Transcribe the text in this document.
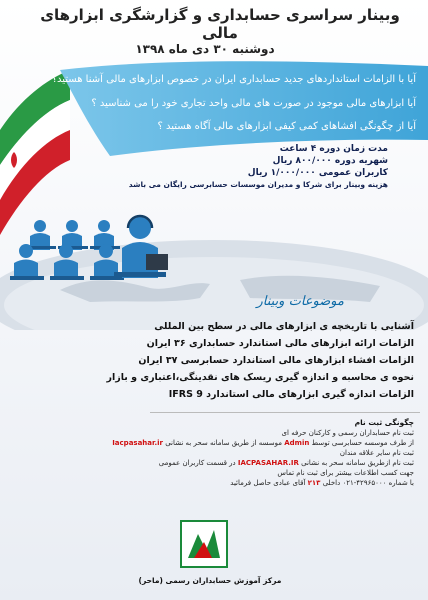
وبینار سراسری حسابداری و گزارشگری ابزارهای مالی
دوشنبه ۳۰ دی ماه ۱۳۹۸
آیا با الزامات استانداردهای جدید حسابداری ایران در خصوص ابزارهای مالی آشنا هستید؟
آیا ابزارهای مالی موجود در صورت های مالی واحد تجاری خود را می شناسید ؟
آیا از چگونگی افشاهای کمی کیفی ابزارهای مالی آگاه هستید ؟
مدت زمان دوره ۴ ساعت
شهریه دوره ۸۰۰/۰۰۰ ریال
کاربران عمومی ۱/۰۰۰/۰۰۰ ریال
هزینه وبینار برای شرکا و مدیران موسسات حسابرسی رایگان می باشد
موضوعات وبینار
آشنایی با تاریخچه ی ابزارهای مالی در سطح بین المللی
الزامات ارائه ابزارهای مالی استاندارد حسابداری ۳۶ ایران
الزامات افشاء ابزارهای مالی استاندارد حسابرسی ۳۷ ایران
نحوه ی محاسبه و اندازه گیری ریسک های نقدینگی،اعتباری و بازار
الزامات اندازه گیری ابزارهای مالی استاندارد IFRS 9
چگونگی ثبت نام
ثبت نام حسابداران رسمی و کارکنان حرفه ای
از طرف موسسه حسابرسی توسط Admin موسسه از طریق سامانه سحر به نشانی Iacpasahar.ir
ثبت نام سایر علاقه مندان
ثبت نام ازطریق سامانه سحر به نشانی IACPASAHAR.IR در قسمت کاربران عمومی
جهت کسب اطلاعات بیشتر برای ثبت نام تماس
با شماره ۴۲۹۶۵۰۰۰-۰۲۱ داخلی ۲۱۳ آقای عبادی حاصل فرمائید
مرکز آموزش حسابداران رسمی (ماحر)
